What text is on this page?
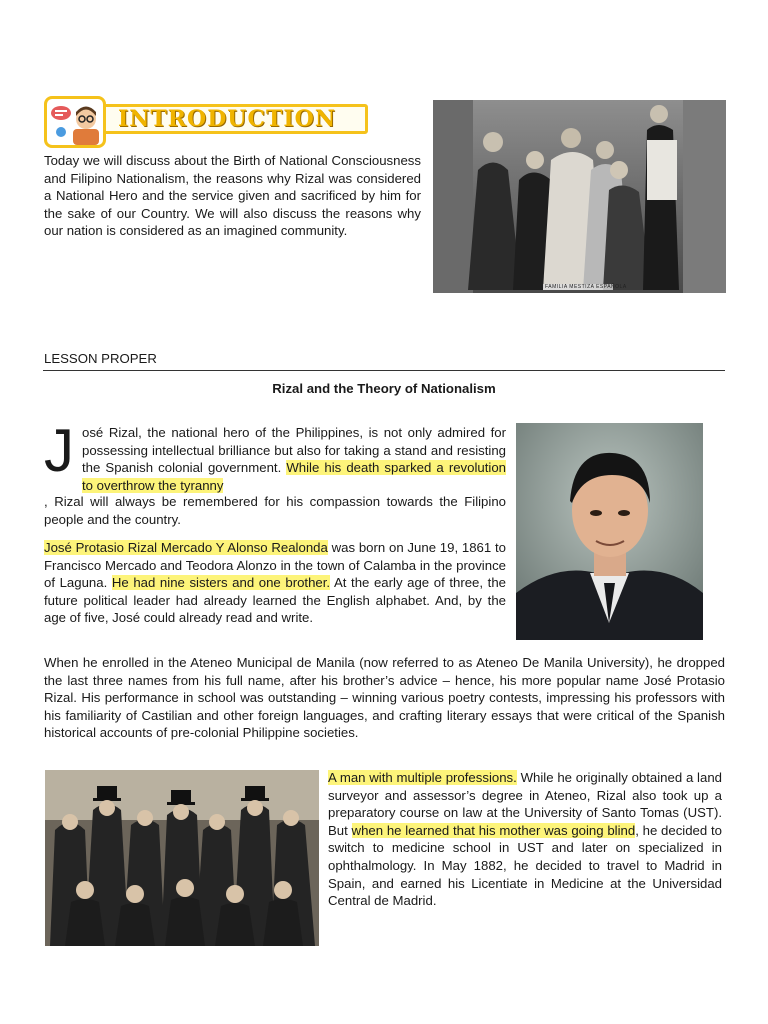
INTRODUCTION

Today we will discuss about the Birth of National Consciousness and Filipino Nationalism, the reasons why Rizal was considered a National Hero and the service given and sacrificed by him for the sake of our Country. We will also discuss the reasons why our nation is considered as an imagined community.

FAMILIA MESTIZA ESPAÑOLA
LESSON PROPER
Rizal and the Theory of Nationalism
J osé Rizal, the national hero of the Philippines, is not only admired for possessing intellectual brilliance but also for taking a stand and resisting the Spanish colonial government. While his death sparked a revolution to overthrow the tyranny

, Rizal will always be remembered for his compassion towards the Filipino people and the country.

José Protasio Rizal Mercado Y Alonso Realonda was born on June 19, 1861 to Francisco Mercado and Teodora Alonzo in the town of Calamba in the province of Laguna. He had nine sisters and one brother. At the early age of three, the future political leader had already learned the English alphabet. And, by the age of five, José could already read and write.

When he enrolled in the Ateneo Municipal de Manila (now referred to as Ateneo De Manila University), he dropped the last three names from his full name, after his brother’s advice – hence, his more popular name José Protasio Rizal. His performance in school was outstanding – winning various poetry contests, impressing his professors with his familiarity of Castilian and other foreign languages, and crafting literary essays that were critical of the Spanish historical accounts of pre-colonial Philippine societies.

A man with multiple professions. While he originally obtained a land surveyor and assessor’s degree in Ateneo, Rizal also took up a preparatory course on law at the University of Santo Tomas (UST). But when he learned that his mother was going blind, he decided to switch to medicine school in UST and later on specialized in ophthalmology. In May 1882, he decided to travel to Madrid in Spain, and earned his Licentiate in Medicine at the Universidad Central de Madrid.
